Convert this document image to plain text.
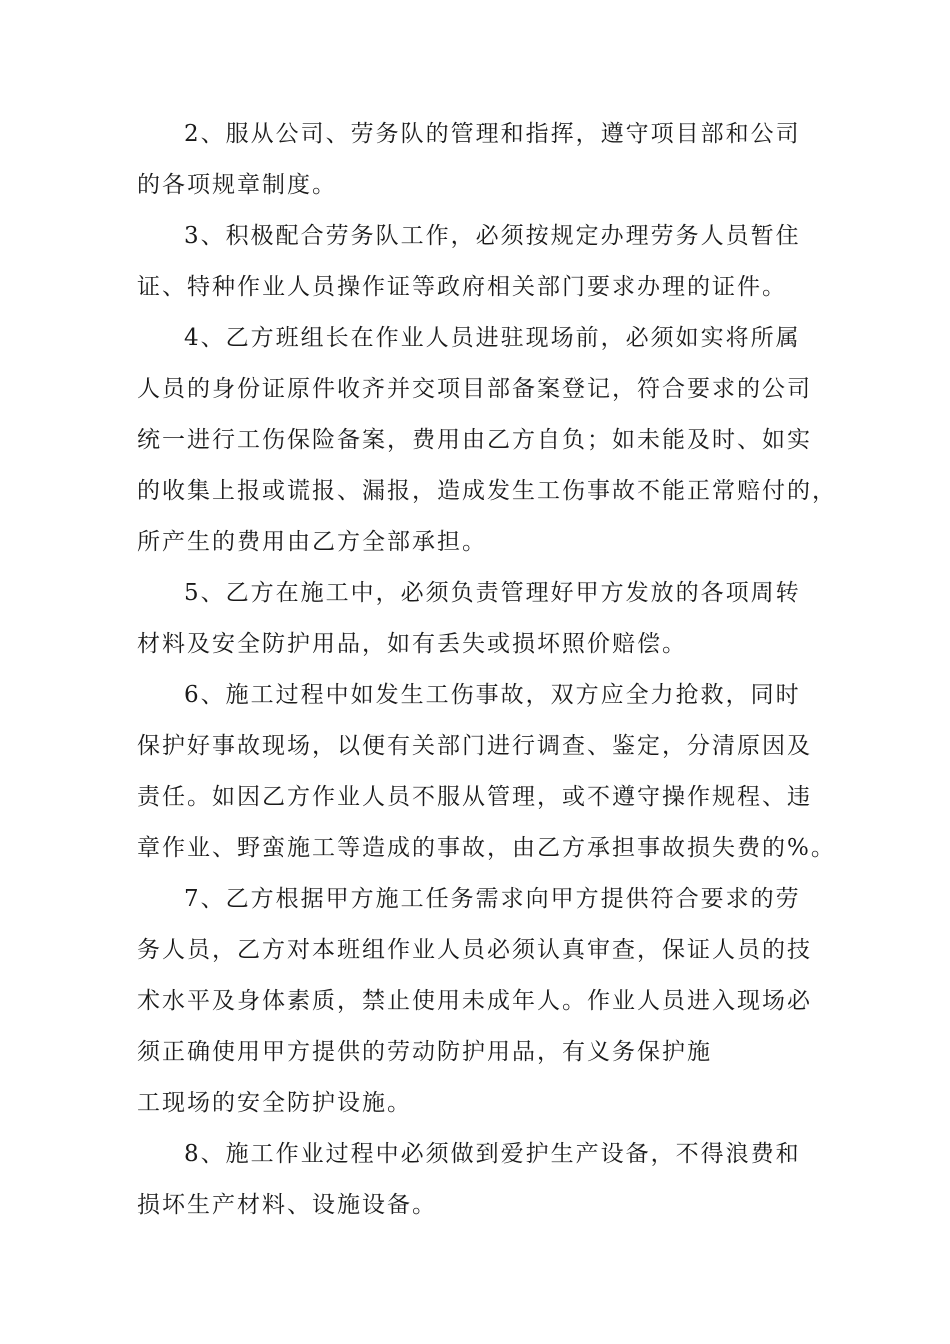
2、服从公司、劳务队的管理和指挥，遵守项目部和公司
的各项规章制度。
3、积极配合劳务队工作，必须按规定办理劳务人员暂住
证、特种作业人员操作证等政府相关部门要求办理的证件。
4、乙方班组长在作业人员进驻现场前，必须如实将所属
人员的身份证原件收齐并交项目部备案登记，符合要求的公司
统一进行工伤保险备案，费用由乙方自负；如未能及时、如实
的收集上报或谎报、漏报，造成发生工伤事故不能正常赔付的，
所产生的费用由乙方全部承担。
5、乙方在施工中，必须负责管理好甲方发放的各项周转
材料及安全防护用品，如有丢失或损坏照价赔偿。
6、施工过程中如发生工伤事故，双方应全力抢救，同时
保护好事故现场，以便有关部门进行调查、鉴定，分清原因及
责任。如因乙方作业人员不服从管理，或不遵守操作规程、违
章作业、野蛮施工等造成的事故，由乙方承担事故损失费的%。
7、乙方根据甲方施工任务需求向甲方提供符合要求的劳
务人员，乙方对本班组作业人员必须认真审查，保证人员的技
术水平及身体素质，禁止使用未成年人。作业人员进入现场必
须正确使用甲方提供的劳动防护用品，有义务保护施
工现场的安全防护设施。
8、施工作业过程中必须做到爱护生产设备，不得浪费和
损坏生产材料、设施设备。
